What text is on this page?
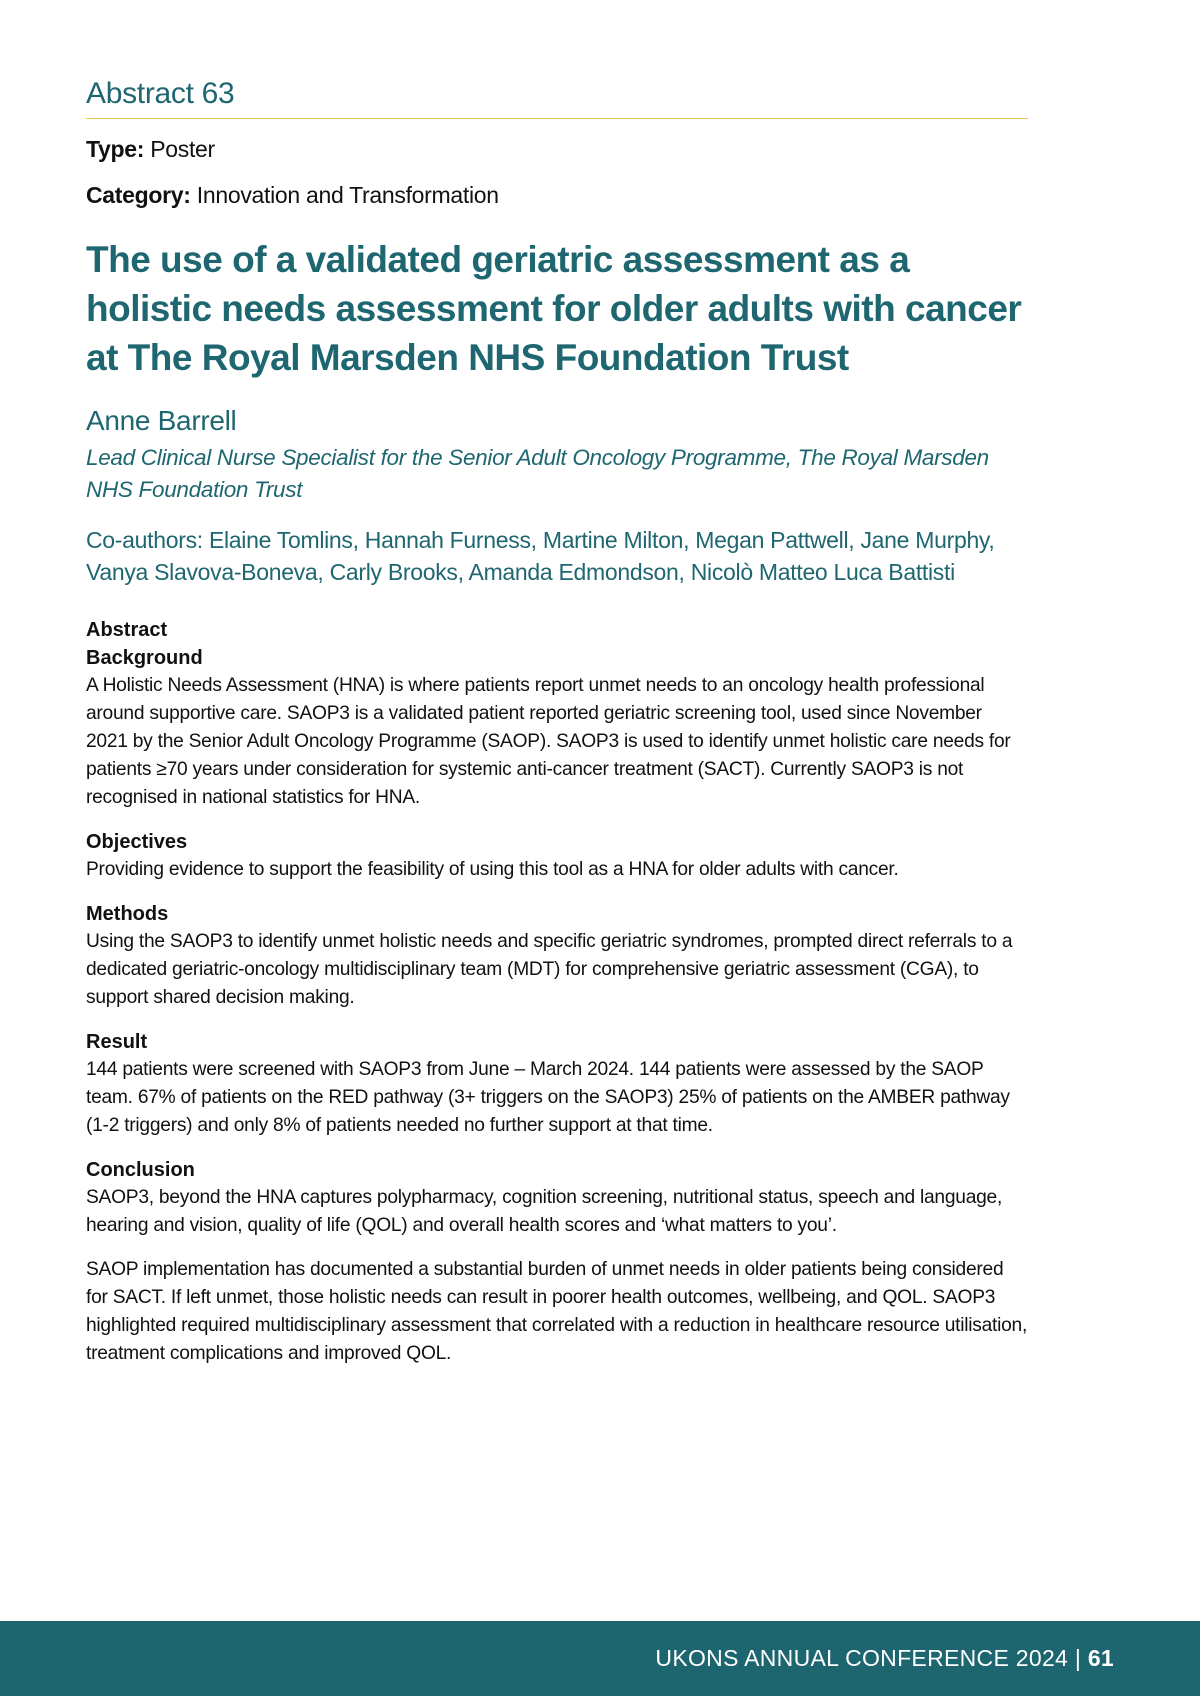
Abstract 63
Type: Poster
Category: Innovation and Transformation
The use of a validated geriatric assessment as a holistic needs assessment for older adults with cancer at The Royal Marsden NHS Foundation Trust
Anne Barrell
Lead Clinical Nurse Specialist for the Senior Adult Oncology Programme, The Royal Marsden NHS Foundation Trust
Co-authors: Elaine Tomlins, Hannah Furness, Martine Milton, Megan Pattwell, Jane Murphy, Vanya Slavova-Boneva, Carly Brooks, Amanda Edmondson, Nicolò Matteo Luca Battisti
Abstract
Background

A Holistic Needs Assessment (HNA) is where patients report unmet needs to an oncology health professional around supportive care. SAOP3 is a validated patient reported geriatric screening tool, used since November 2021 by the Senior Adult Oncology Programme (SAOP). SAOP3 is used to identify unmet holistic care needs for patients ≥70 years under consideration for systemic anti-cancer treatment (SACT). Currently SAOP3 is not recognised in national statistics for HNA.

Objectives

Providing evidence to support the feasibility of using this tool as a HNA for older adults with cancer.

Methods

Using the SAOP3 to identify unmet holistic needs and specific geriatric syndromes, prompted direct referrals to a dedicated geriatric-oncology multidisciplinary team (MDT) for comprehensive geriatric assessment (CGA), to support shared decision making.

Result

144 patients were screened with SAOP3 from June – March 2024. 144 patients were assessed by the SAOP team. 67% of patients on the RED pathway (3+ triggers on the SAOP3) 25% of patients on the AMBER pathway (1-2 triggers) and only 8% of patients needed no further support at that time.

Conclusion

SAOP3, beyond the HNA captures polypharmacy, cognition screening, nutritional status, speech and language, hearing and vision, quality of life (QOL) and overall health scores and ‘what matters to you’.

SAOP implementation has documented a substantial burden of unmet needs in older patients being considered for SACT. If left unmet, those holistic needs can result in poorer health outcomes, wellbeing, and QOL. SAOP3 highlighted required multidisciplinary assessment that correlated with a reduction in healthcare resource utilisation, treatment complications and improved QOL.

UKONS ANNUAL CONFERENCE 2024 | 61
